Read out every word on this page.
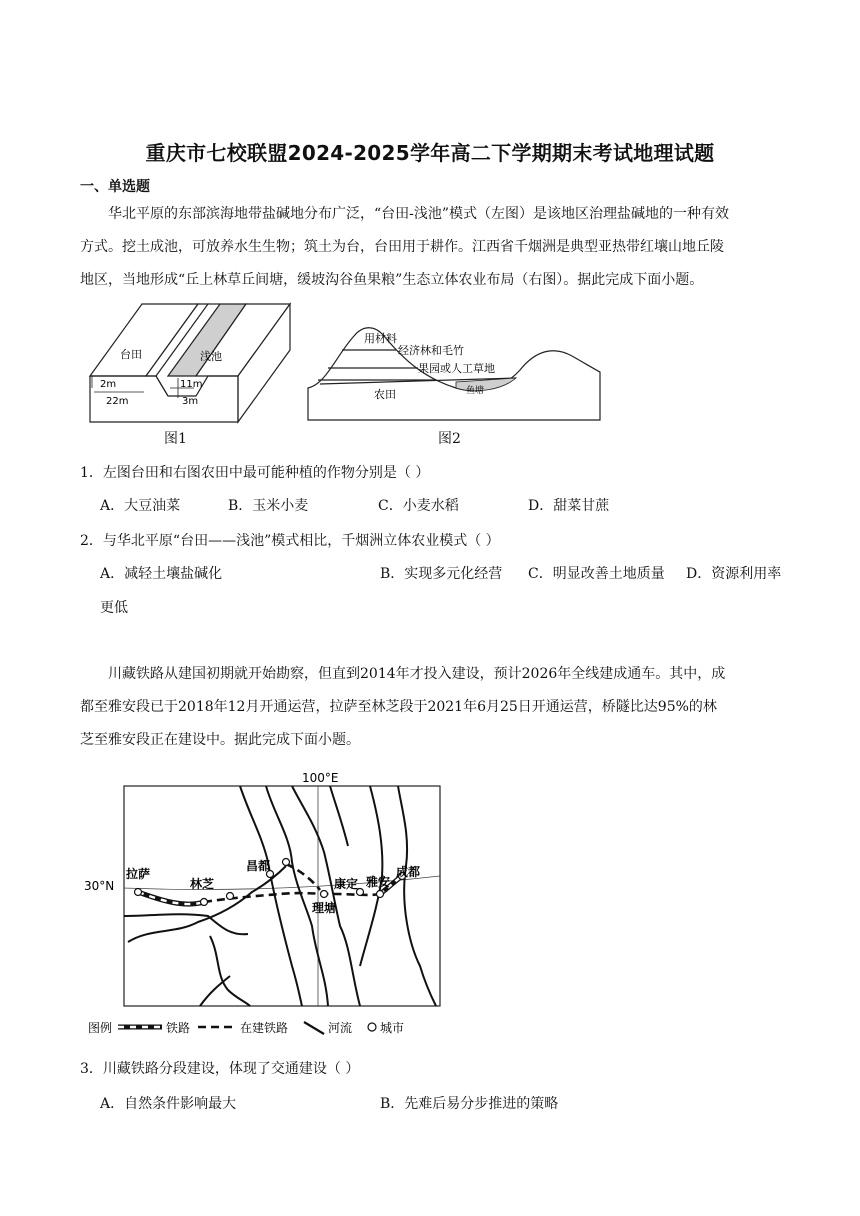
重庆市七校联盟2024-2025学年高二下学期期末考试地理试题
一、单选题
华北平原的东部滨海地带盐碱地分布广泛，“台田-浅池”模式（左图）是该地区治理盐碱地的一种有效
方式。挖土成池，可放养水生生物；筑土为台，台田用于耕作。江西省千烟洲是典型亚热带红壤山地丘陵
地区，当地形成“丘上林草丘间塘，缓坡沟谷鱼果粮”生态立体农业布局（右图）。据此完成下面小题。
台田	浅池
2m
22m
11m
3m
图1
用材料
经济林和毛竹
果园或人工草地
农田	鱼塘
图2
1．左图台田和右图农田中最可能种植的作物分别是（ ）
A．大豆油菜	B．玉米小麦	C．小麦水稻	D．甜菜甘蔗
2．与华北平原“台田——浅池”模式相比，千烟洲立体农业模式（ ）
A．减轻土壤盐碱化	B．实现多元化经营 C．明显改善土地质量 D．资源利用率
更低
川藏铁路从建国初期就开始勘察，但直到2014年才投入建设，预计2026年全线建成通车。其中，成
都至雅安段已于2018年12月开通运营，拉萨至林芝段于2021年6月25日开通运营，桥隧比达95%的林
芝至雅安段正在建设中。据此完成下面小题。
100°E
30°N
拉萨
林芝
昌都
康定 雅安
成都
理塘
图例	铁路	在建铁路	河流 城市
3．川藏铁路分段建设，体现了交通建设（ ）
A．自然条件影响最大	B．先难后易分步推进的策略
